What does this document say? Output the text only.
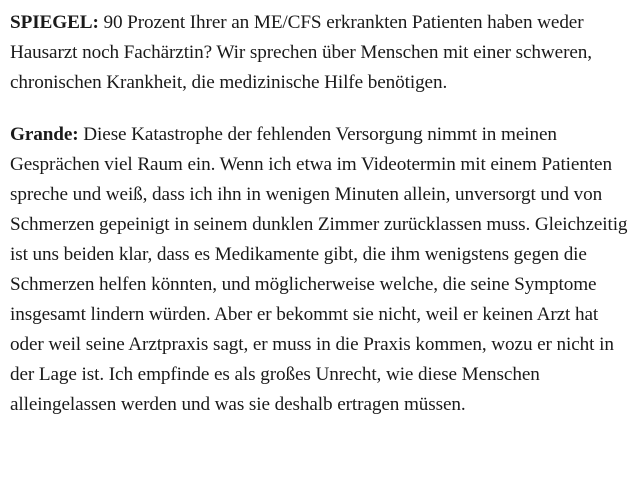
SPIEGEL: 90 Prozent Ihrer an ME/CFS erkrankten Patienten haben weder Hausarzt noch Fachärztin? Wir sprechen über Menschen mit einer schweren, chronischen Krankheit, die medizinische Hilfe benötigen.

Grande: Diese Katastrophe der fehlenden Versorgung nimmt in meinen Gesprächen viel Raum ein. Wenn ich etwa im Videotermin mit einem Patienten spreche und weiß, dass ich ihn in wenigen Minuten allein, unversorgt und von Schmerzen gepeinigt in seinem dunklen Zimmer zurücklassen muss. Gleichzeitig ist uns beiden klar, dass es Medikamente gibt, die ihm wenigstens gegen die Schmerzen helfen könnten, und möglicherweise welche, die seine Symptome insgesamt lindern würden. Aber er bekommt sie nicht, weil er keinen Arzt hat oder weil seine Arztpraxis sagt, er muss in die Praxis kommen, wozu er nicht in der Lage ist. Ich empfinde es als großes Unrecht, wie diese Menschen alleingelassen werden und was sie deshalb ertragen müssen.
